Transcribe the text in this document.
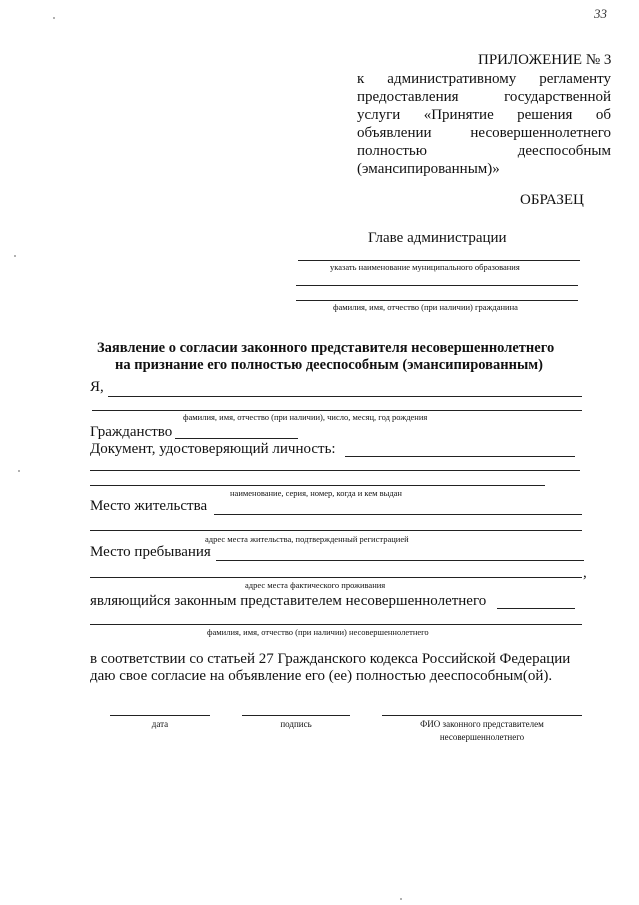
33
ПРИЛОЖЕНИЕ № 3
к административному регламенту
предоставления государственной
услуги «Принятие решения об
объявлении несовершеннолетнего
полностью дееспособным
(эмансипированным)»
ОБРАЗЕЦ
Главе администрации
указать наименование муниципального образования
фамилия, имя, отчество (при наличии) гражданина
Заявление о согласии законного представителя несовершеннолетнего
на признание его полностью дееспособным (эмансипированным)
Я,
фамилия, имя, отчество (при наличии), число, месяц, год рождения
Гражданство
Документ, удостоверяющий личность:
наименование, серия, номер, когда и кем выдан
Место жительства
адрес места жительства, подтвержденный регистрацией
Место пребывания
,
адрес места фактического проживания
являющийся законным представителем несовершеннолетнего
фамилия, имя, отчество (при наличии) несовершеннолетнего
в соответствии со статьей 27 Гражданского кодекса Российской Федерации
даю свое согласие на объявление его (ее) полностью дееспособным(ой).
дата	подпись	ФИО законного представителем
несовершеннолетнего
